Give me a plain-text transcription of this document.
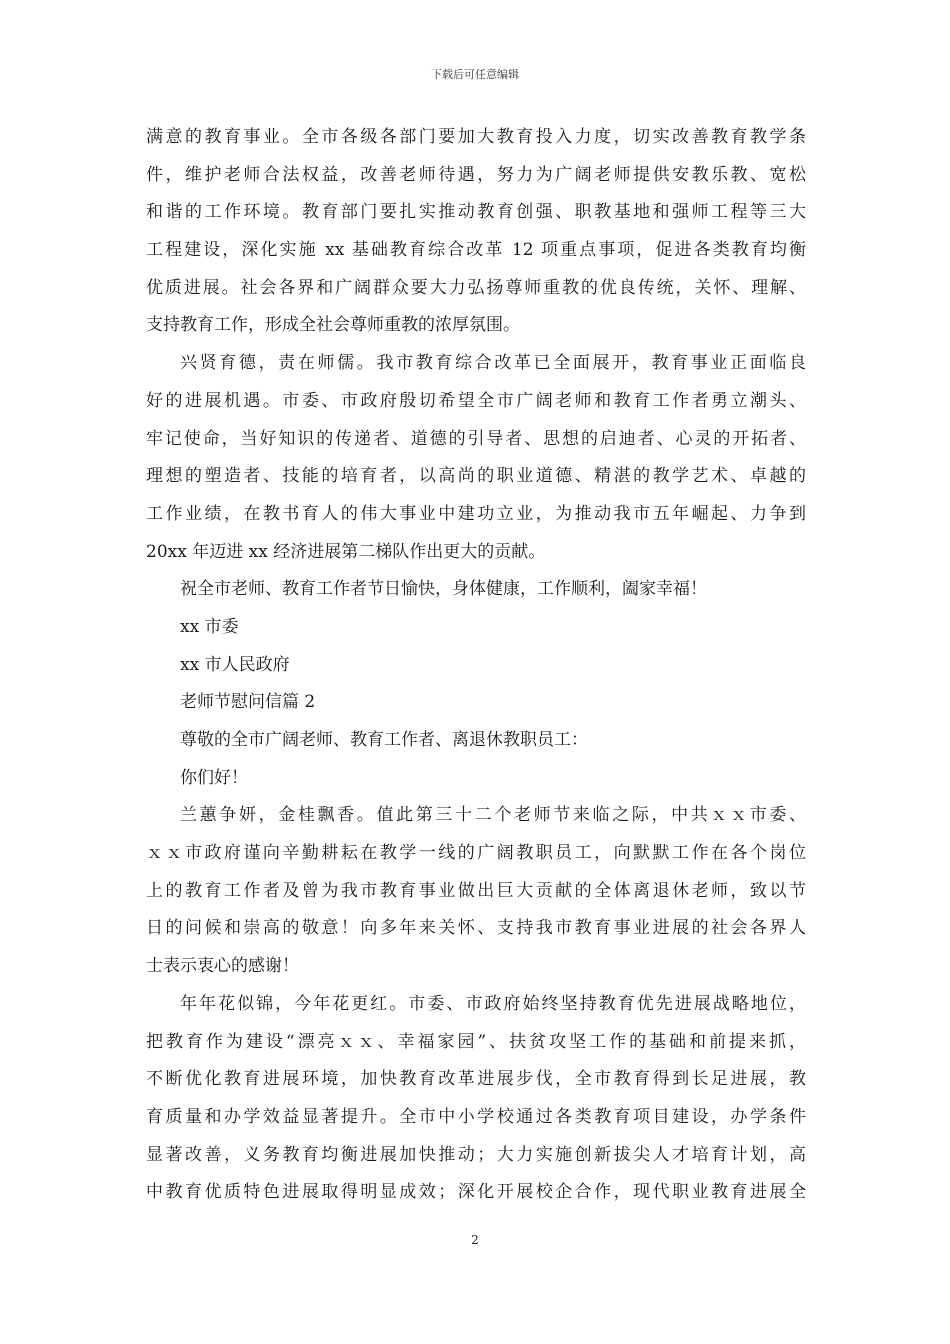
下载后可任意编辑
满意的教育事业。全市各级各部门要加大教育投入力度，切实改善教育教学条
件，维护老师合法权益，改善老师待遇，努力为广阔老师提供安教乐教、宽松
和谐的工作环境。教育部门要扎实推动教育创强、职教基地和强师工程等三大
工程建设，深化实施 xx 基础教育综合改革 12 项重点事项，促进各类教育均衡
优质进展。社会各界和广阔群众要大力弘扬尊师重教的优良传统，关怀、理解、
支持教育工作，形成全社会尊师重教的浓厚氛围。
兴贤育德，责在师儒。我市教育综合改革已全面展开，教育事业正面临良
好的进展机遇。市委、市政府殷切希望全市广阔老师和教育工作者勇立潮头、
牢记使命，当好知识的传递者、道德的引导者、思想的启迪者、心灵的开拓者、
理想的塑造者、技能的培育者，以高尚的职业道德、精湛的教学艺术、卓越的
工作业绩，在教书育人的伟大事业中建功立业，为推动我市五年崛起、力争到
20xx 年迈进 xx 经济进展第二梯队作出更大的贡献。
祝全市老师、教育工作者节日愉快，身体健康，工作顺利，阖家幸福！
xx 市委
xx 市人民政府
老师节慰问信篇 2
尊敬的全市广阔老师、教育工作者、离退休教职员工：
你们好！
兰蕙争妍，金桂飘香。值此第三十二个老师节来临之际，中共ｘｘ市委、
ｘｘ市政府谨向辛勤耕耘在教学一线的广阔教职员工，向默默工作在各个岗位
上的教育工作者及曾为我市教育事业做出巨大贡献的全体离退休老师，致以节
日的问候和崇高的敬意！向多年来关怀、支持我市教育事业进展的社会各界人
士表示衷心的感谢！
年年花似锦，今年花更红。市委、市政府始终坚持教育优先进展战略地位，
把教育作为建设“漂亮ｘｘ、幸福家园”、扶贫攻坚工作的基础和前提来抓，
不断优化教育进展环境，加快教育改革进展步伐，全市教育得到长足进展，教
育质量和办学效益显著提升。全市中小学校通过各类教育项目建设，办学条件
显著改善，义务教育均衡进展加快推动；大力实施创新拔尖人才培育计划，高
中教育优质特色进展取得明显成效；深化开展校企合作，现代职业教育进展全
2
